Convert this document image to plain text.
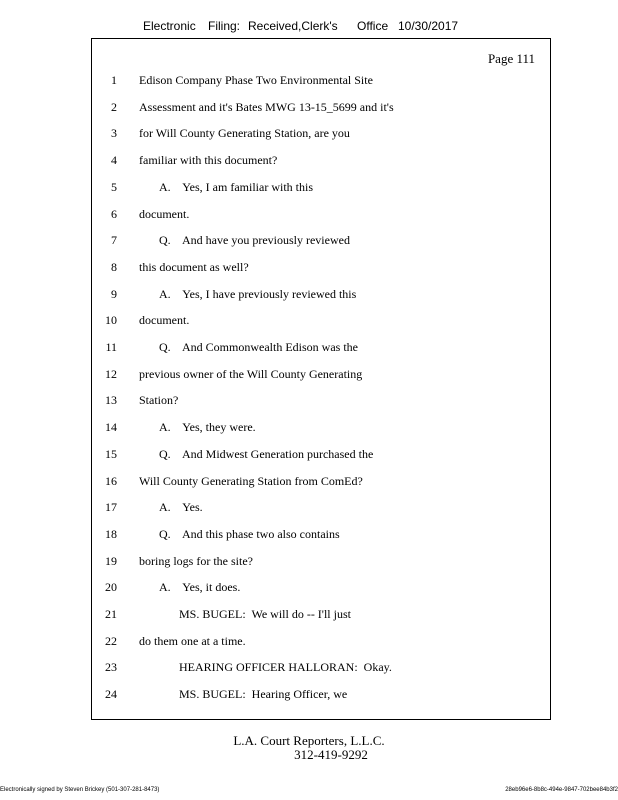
Electronic Filing: Received,Clerk's Office 10/30/2017
Page 111
1 Edison Company Phase Two Environmental Site
2 Assessment and it's Bates MWG 13-15_5699 and it's
3 for Will County Generating Station, are you
4 familiar with this document?
5	A.    Yes, I am familiar with this
6 document.
7	Q.    And have you previously reviewed
8 this document as well?
9	A.    Yes, I have previously reviewed this
10 document.
11	Q.    And Commonwealth Edison was the
12 previous owner of the Will County Generating
13 Station?
14	A.    Yes, they were.
15	Q.    And Midwest Generation purchased the
16 Will County Generating Station from ComEd?
17	A.    Yes.
18	Q.    And this phase two also contains
19 boring logs for the site?
20	A.    Yes, it does.
21	MS. BUGEL:  We will do -- I'll just
22 do them one at a time.
23	HEARING OFFICER HALLORAN:  Okay.
24	MS. BUGEL:  Hearing Officer, we
L.A. Court Reporters, L.L.C.
312-419-9292
Electronically signed by Steven Brickey (501-307-281-8473)	28eb96e6-8b8c-494e-9847-702bee84b3f2
